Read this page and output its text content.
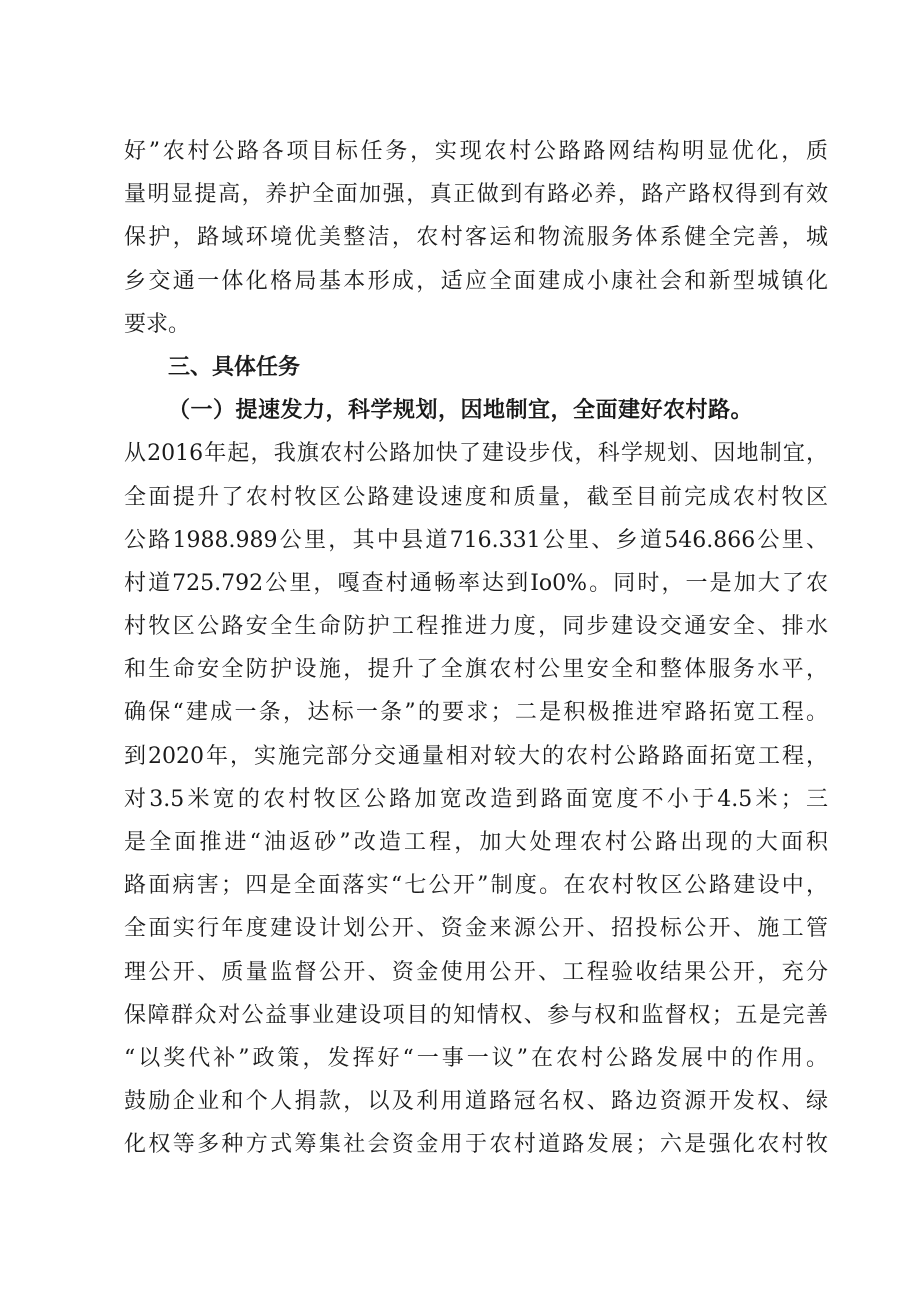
好”农村公路各项目标任务，实现农村公路路网结构明显优化，质
量明显提高，养护全面加强，真正做到有路必养，路产路权得到有效
保护，路域环境优美整洁，农村客运和物流服务体系健全完善，城
乡交通一体化格局基本形成，适应全面建成小康社会和新型城镇化
要求。
三、具体任务
（一）提速发力，科学规划，因地制宜，全面建好农村路。
从2016年起，我旗农村公路加快了建设步伐，科学规划、因地制宜，
全面提升了农村牧区公路建设速度和质量，截至目前完成农村牧区
公路1988.989公里，其中县道716.331公里、乡道546.866公里、
村道725.792公里，嘎查村通畅率达到Io0%。同时，一是加大了农
村牧区公路安全生命防护工程推进力度，同步建设交通安全、排水
和生命安全防护设施，提升了全旗农村公里安全和整体服务水平，
确保“建成一条，达标一条”的要求；二是积极推进窄路拓宽工程。
到2020年，实施完部分交通量相对较大的农村公路路面拓宽工程，
对3.5米宽的农村牧区公路加宽改造到路面宽度不小于4.5米；三
是全面推进“油返砂”改造工程，加大处理农村公路出现的大面积
路面病害；四是全面落实“七公开”制度。在农村牧区公路建设中，
全面实行年度建设计划公开、资金来源公开、招投标公开、施工管
理公开、质量监督公开、资金使用公开、工程验收结果公开，充分
保障群众对公益事业建设项目的知情权、参与权和监督权；五是完善
“以奖代补”政策，发挥好“一事一议”在农村公路发展中的作用。
鼓励企业和个人捐款，以及利用道路冠名权、路边资源开发权、绿
化权等多种方式筹集社会资金用于农村道路发展；六是强化农村牧
